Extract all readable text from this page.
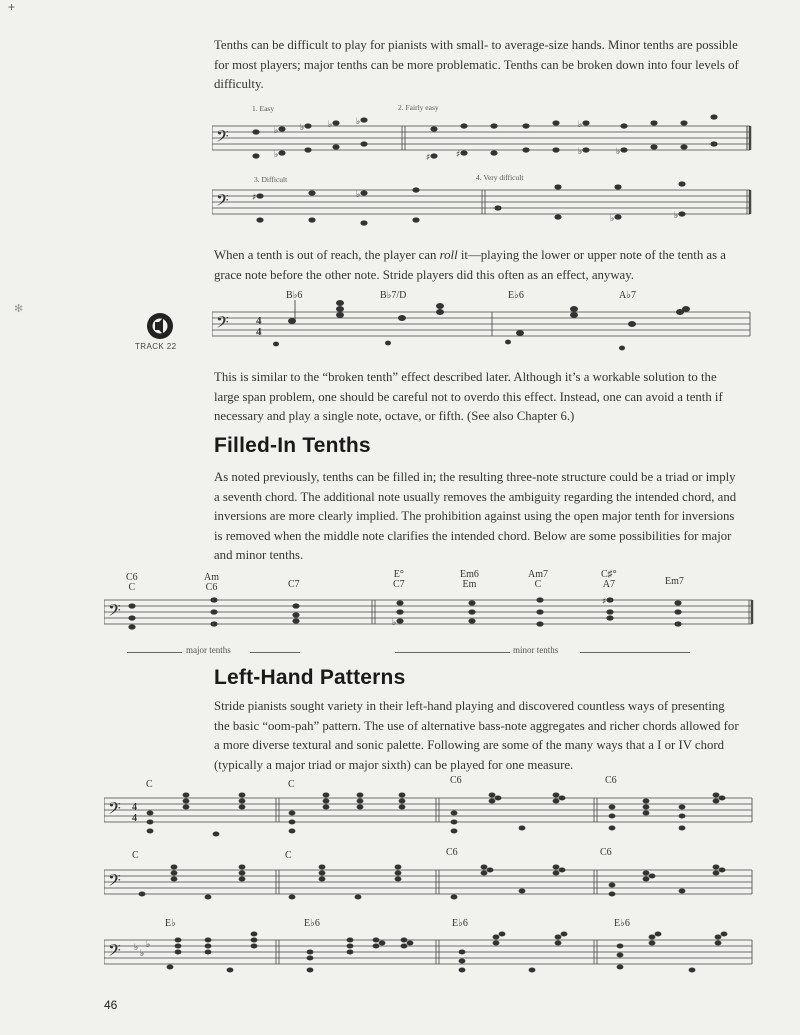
+
✻
Tenths can be difficult to play for pianists with small- to average-size hands. Minor tenths are possible for most players; major tenths can be more problematic. Tenths can be broken down into four levels of difficulty.
1. Easy	2. Fairly easy
3. Difficult	4. Very difficult
𝄢	♭
♭
♭	♭	♭
♯	♯
♭
♭	♭
𝄢	♯	♭
♭	♭
When a tenth is out of reach, the player can roll it—playing the lower or upper note of the tenth as a grace note before the other note. Stride players did this often as an effect, anyway.
TRACK 22
B♭6	B♭7/D	E♭6	A♭7
𝄢 4
4
This is similar to the “broken tenth” effect described later. Although it’s a workable solution to the large span problem, one should be careful not to overdo this effect. Instead, one can avoid a tenth if necessary and play a single note, octave, or fifth. (See also Chapter 6.)
Filled-In Tenths
As noted previously, tenths can be filled in; the resulting three-note structure could be a triad or imply a seventh chord. The additional note usually removes the ambiguity regarding the intended chord, and inversions are more clearly implied. The prohibition against using the open major tenth for inversions is removed when the middle note clarifies the intended chord. Below are some possibilities for major and minor tenths.
C6
C
Am
C6	C7
E°
C7
Em6
Em
Am7
C
C♯°
A7	Em7
𝄢	♭
♯
major tenths	minor tenths
Left-Hand Patterns
Stride pianists sought variety in their left-hand playing and discovered countless ways of presenting the basic “oom-pah” pattern. The use of alternative bass-note aggregates and richer chords allowed for a more diverse textural and sonic palette. Following are some of the many ways that a I or IV chord (typically a major triad or major sixth) can be played for one measure.
C	C	C6	C6
𝄢 4
4
C	C	C6	C6
𝄢
E♭	E♭6	E♭6	E♭6
𝄢 ♭
♭
♭
46
